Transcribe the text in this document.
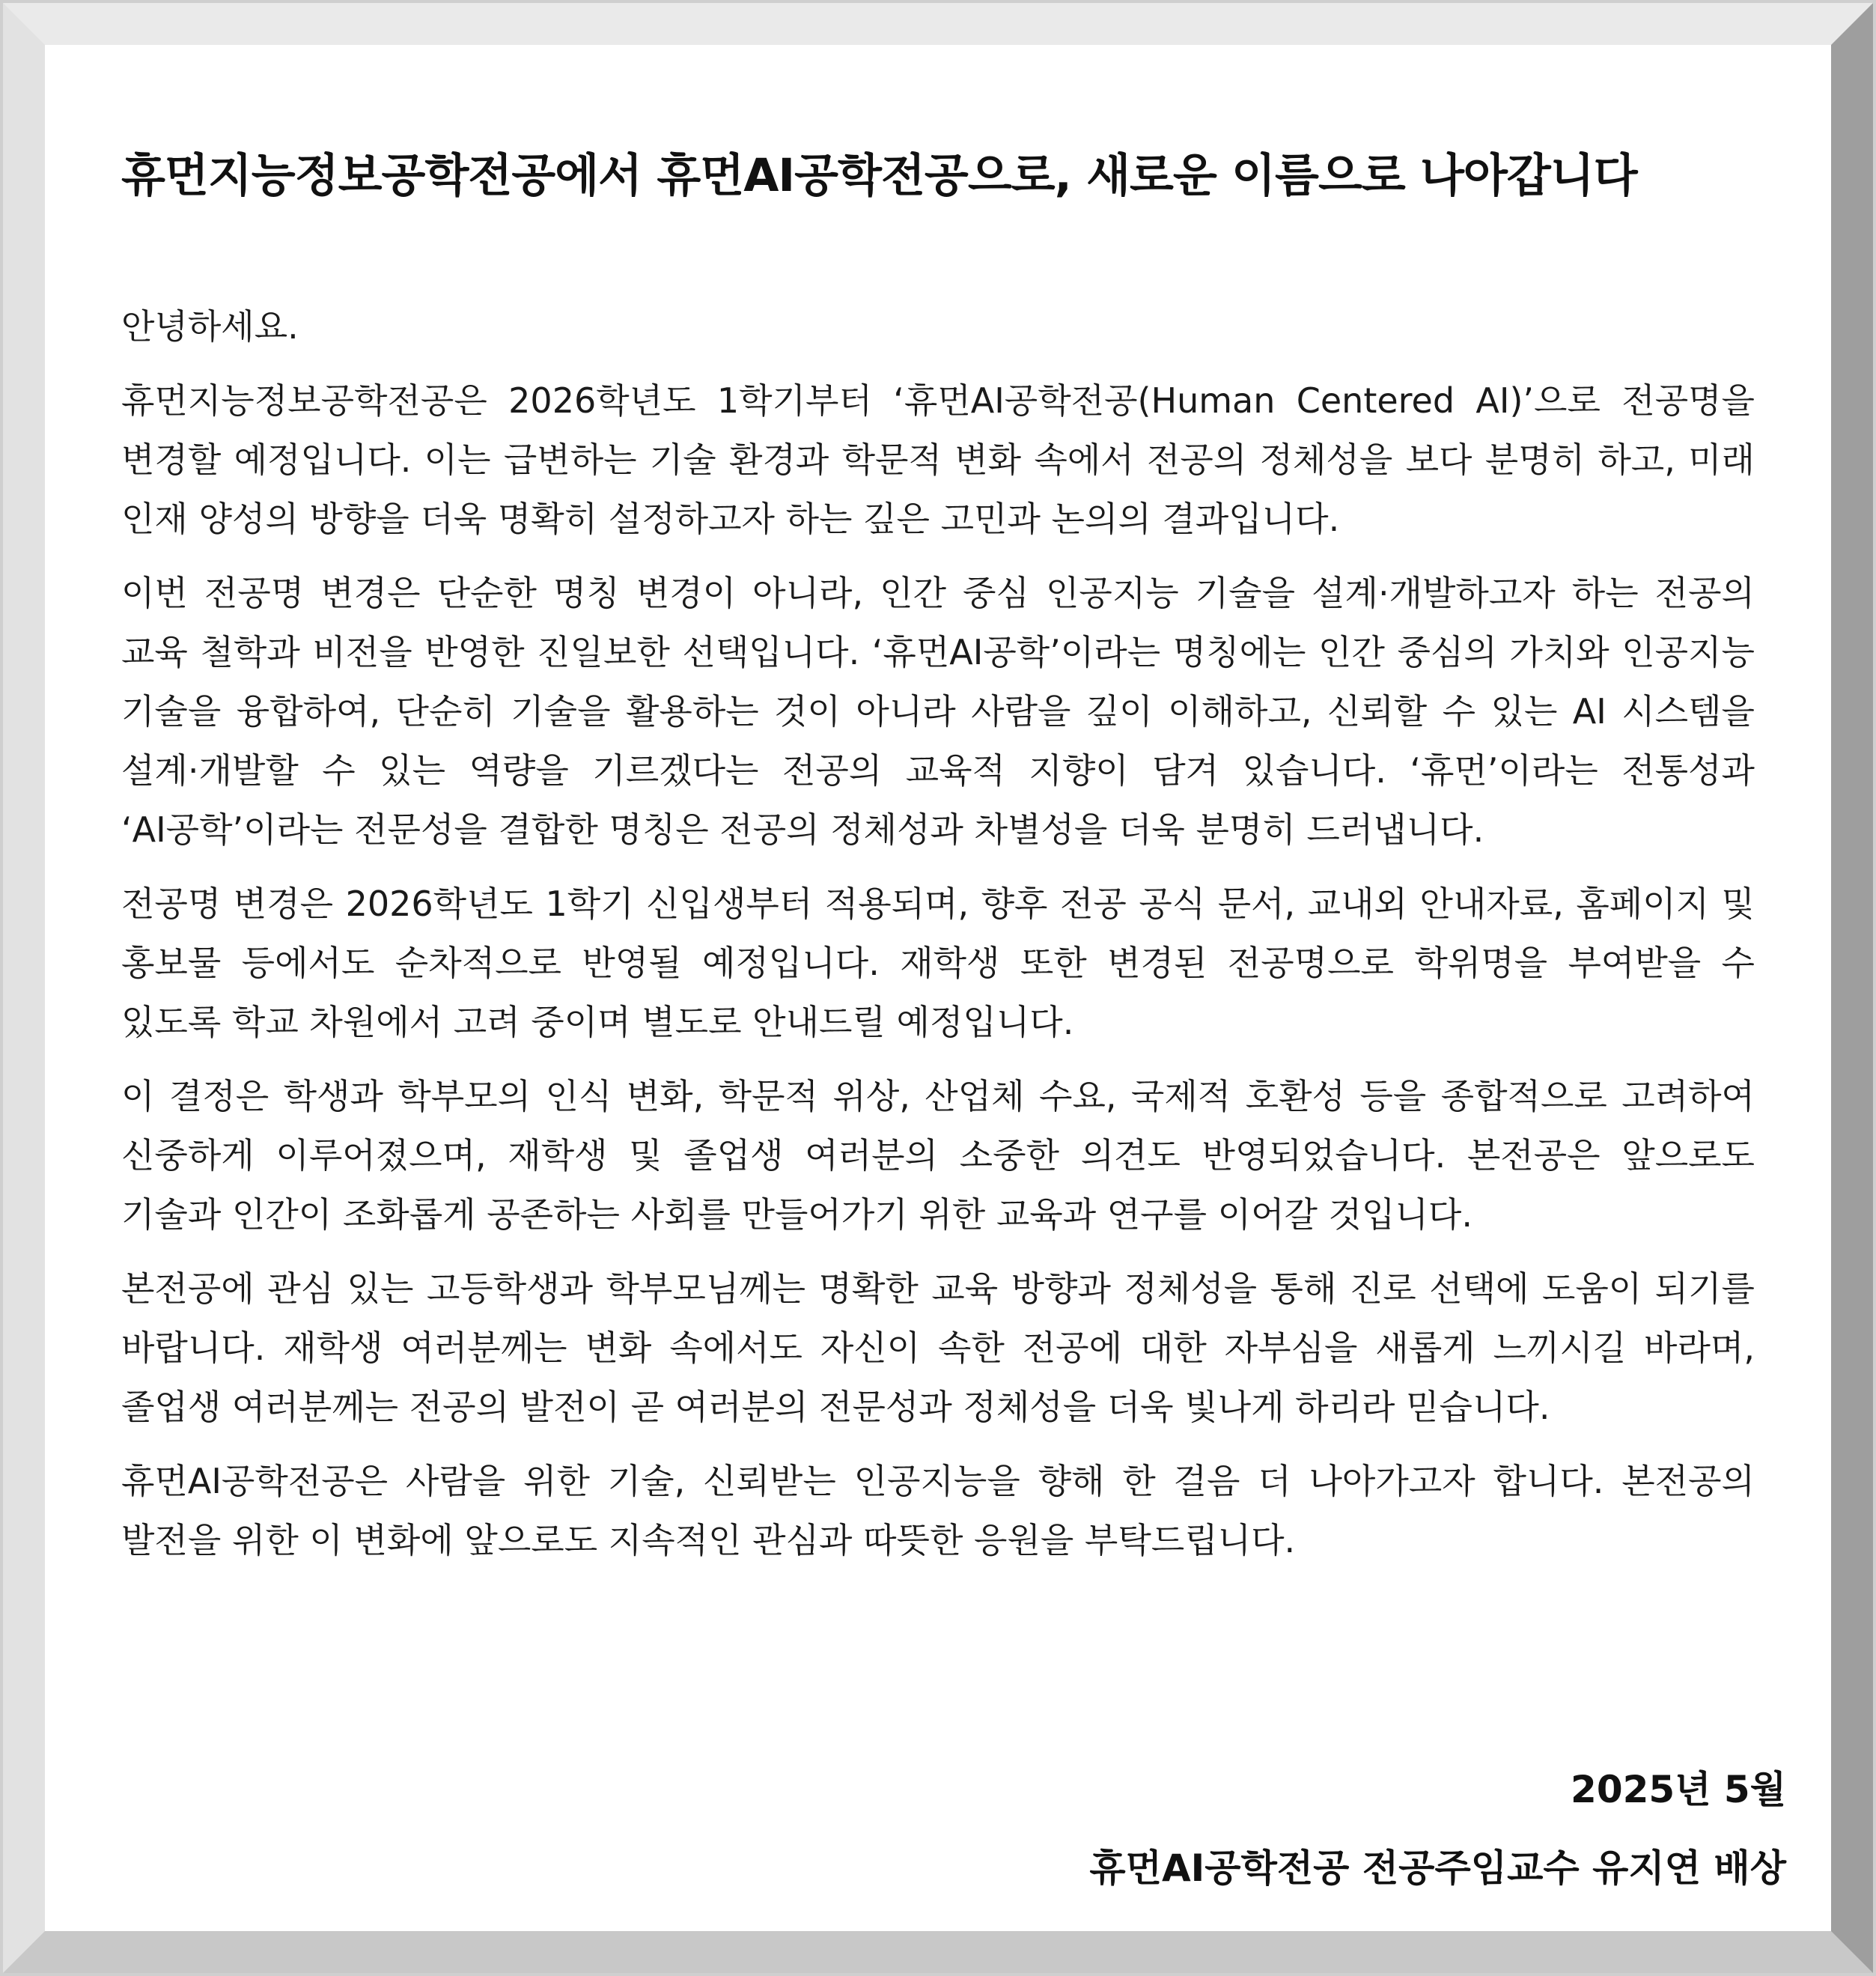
휴먼지능정보공학전공에서 휴먼AI공학전공으로, 새로운 이름으로 나아갑니다

안녕하세요.

휴먼지능정보공학전공은 2026학년도 1학기부터 ‘휴먼AI공학전공(Human Centered AI)’으로 전공명을 변경할 예정입니다. 이는 급변하는 기술 환경과 학문적 변화 속에서 전공의 정체성을 보다 분명히 하고, 미래 인재 양성의 방향을 더욱 명확히 설정하고자 하는 깊은 고민과 논의의 결과입니다.

이번 전공명 변경은 단순한 명칭 변경이 아니라, 인간 중심 인공지능 기술을 설계·개발하고자 하는 전공의 교육 철학과 비전을 반영한 진일보한 선택입니다. ‘휴먼AI공학’이라는 명칭에는 인간 중심의 가치와 인공지능 기술을 융합하여, 단순히 기술을 활용하는 것이 아니라 사람을 깊이 이해하고, 신뢰할 수 있는 AI 시스템을 설계·개발할 수 있는 역량을 기르겠다는 전공의 교육적 지향이 담겨 있습니다. ‘휴먼’이라는 전통성과 ‘AI공학’이라는 전문성을 결합한 명칭은 전공의 정체성과 차별성을 더욱 분명히 드러냅니다.

전공명 변경은 2026학년도 1학기 신입생부터 적용되며, 향후 전공 공식 문서, 교내외 안내자료, 홈페이지 및 홍보물 등에서도 순차적으로 반영될 예정입니다. 재학생 또한 변경된 전공명으로 학위명을 부여받을 수 있도록 학교 차원에서 고려 중이며 별도로 안내드릴 예정입니다.

이 결정은 학생과 학부모의 인식 변화, 학문적 위상, 산업체 수요, 국제적 호환성 등을 종합적으로 고려하여 신중하게 이루어졌으며, 재학생 및 졸업생 여러분의 소중한 의견도 반영되었습니다. 본전공은 앞으로도 기술과 인간이 조화롭게 공존하는 사회를 만들어가기 위한 교육과 연구를 이어갈 것입니다.

본전공에 관심 있는 고등학생과 학부모님께는 명확한 교육 방향과 정체성을 통해 진로 선택에 도움이 되기를 바랍니다. 재학생 여러분께는 변화 속에서도 자신이 속한 전공에 대한 자부심을 새롭게 느끼시길 바라며, 졸업생 여러분께는 전공의 발전이 곧 여러분의 전문성과 정체성을 더욱 빛나게 하리라 믿습니다.

휴먼AI공학전공은 사람을 위한 기술, 신뢰받는 인공지능을 향해 한 걸음 더 나아가고자 합니다. 본전공의 발전을 위한 이 변화에 앞으로도 지속적인 관심과 따뜻한 응원을 부탁드립니다.

2025년 5월
휴먼AI공학전공 전공주임교수 유지연 배상
